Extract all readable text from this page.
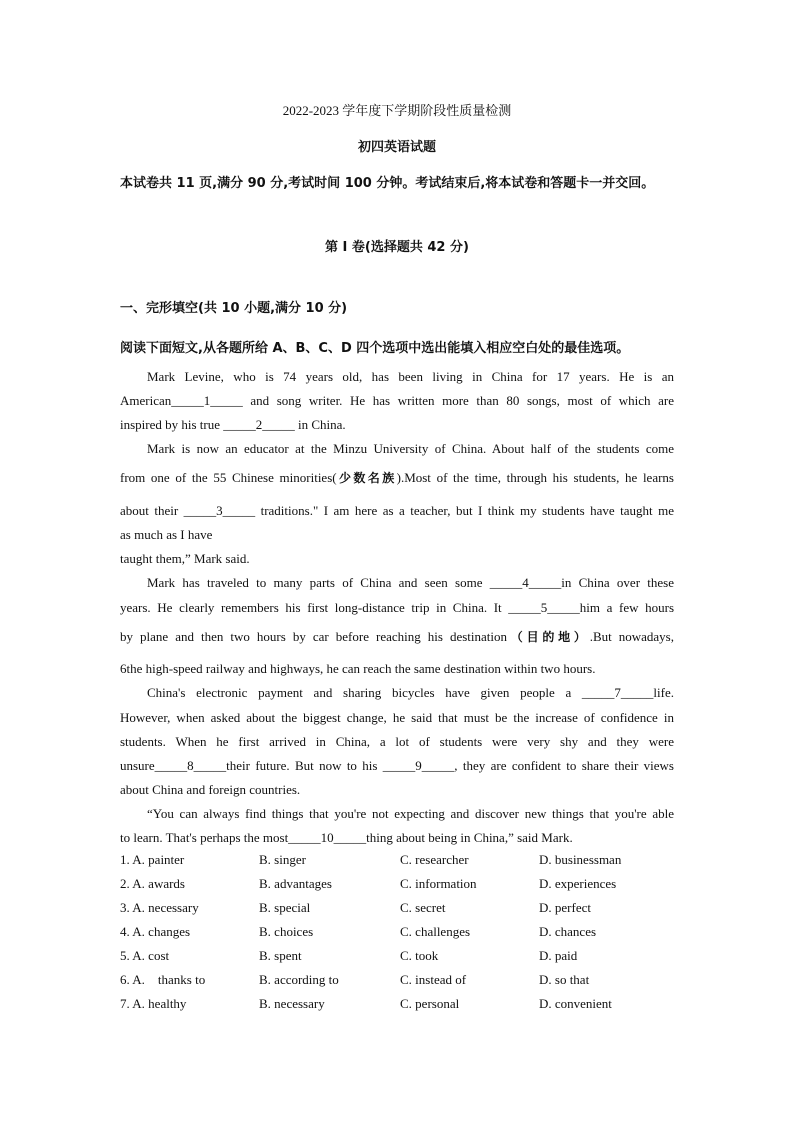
2022-2023 学年度下学期阶段性质量检测
初四英语试题
本试卷共 11 页,满分 90 分,考试时间 100 分钟。考试结束后,将本试卷和答题卡一并交回。
第 I 卷(选择题共 42 分)
一、完形填空(共 10 小题,满分 10 分)
阅读下面短文,从各题所给 A、B、C、D 四个选项中选出能填入相应空白处的最佳选项。
Mark Levine, who is 74 years old, has been living in China for 17 years. He is an
American_____1_____ and song writer. He has written more than 80 songs, most of which are
inspired by his true _____2_____ in China.
Mark is now an educator at the Minzu University of China. About half of the students come
from one of the 55 Chinese minorities(少数名族).Most of the time, through his students, he learns
about their _____3_____ traditions." I am here as a teacher, but I think my students have taught me
as much as I have
taught them,” Mark said.
Mark has traveled to many parts of China and seen some _____4_____in China over these
years. He clearly remembers his first long-distance trip in China. It _____5_____him a few hours
by plane and then two hours by car before reaching his destination（目的地）.But nowadays,
6the high-speed railway and highways, he can reach the same destination within two hours.
China's electronic payment and sharing bicycles have given people a _____7_____life.
However, when asked about the biggest change, he said that must be the increase of confidence in
students. When he first arrived in China, a lot of students were very shy and they were
unsure_____8_____their future. But now to his _____9_____, they are confident to share their views
about China and foreign countries.
“You can always find things that you're not expecting and discover new things that you're able
to learn. That's perhaps the most_____10_____thing about being in China,” said Mark.
1. A. painter	B. singer	C. researcher	D. businessman
2. A. awards	B. advantages	C. information	D. experiences
3. A. necessary	B. special	C. secret	D. perfect
4. A. changes	B. choices	C. challenges	D. chances
5. A. cost	B. spent	C. took	D. paid
6. A.    thanks to	B. according to	C. instead of	D. so that
7. A. healthy	B. necessary	C. personal	D. convenient
